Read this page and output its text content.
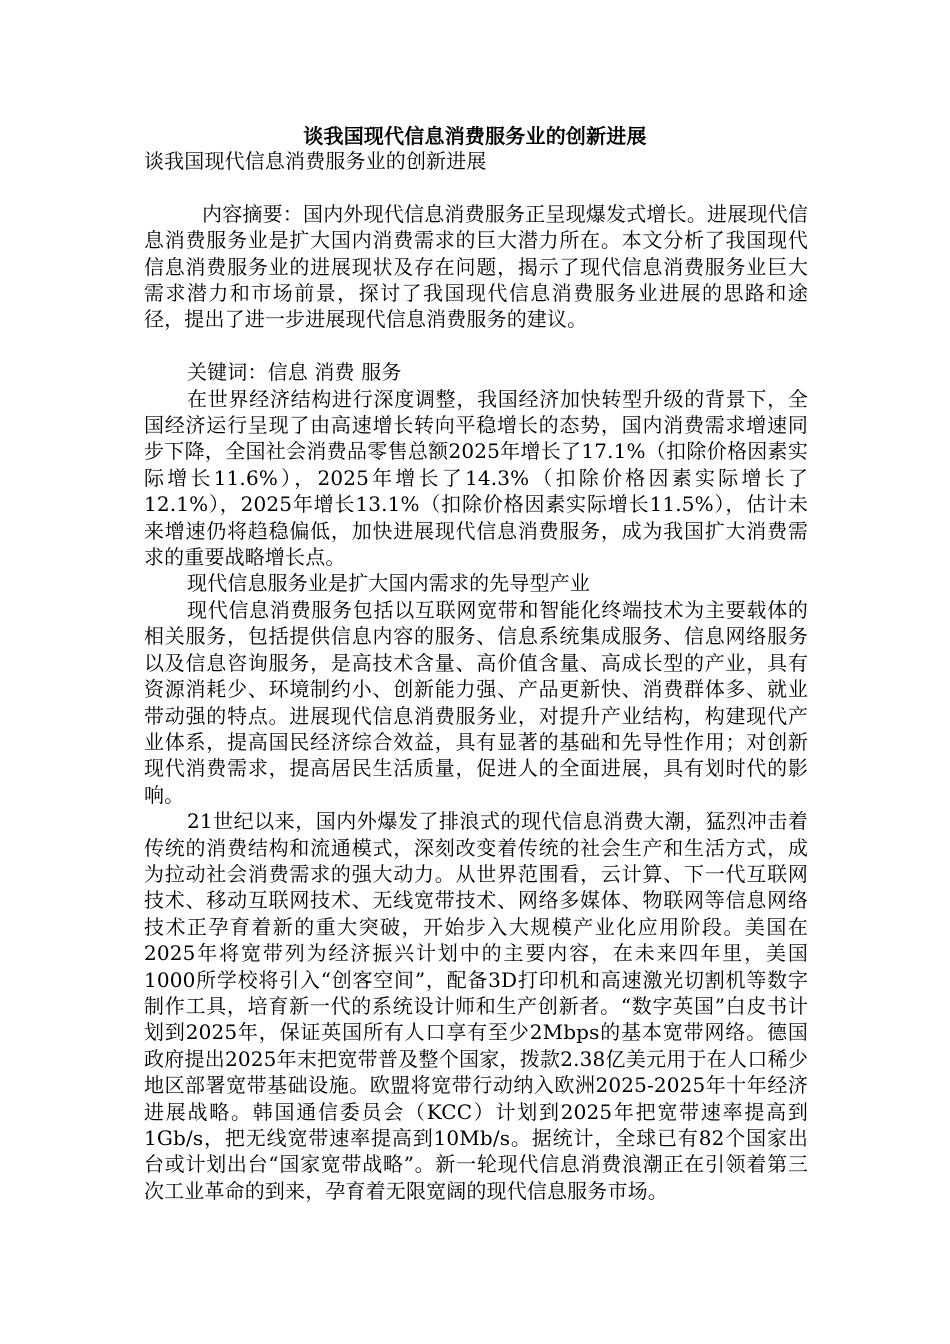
谈我国现代信息消费服务业的创新进展

谈我国现代信息消费服务业的创新进展

内容摘要：国内外现代信息消费服务正呈现爆发式增长。进展现代信息消费服务业是扩大国内消费需求的巨大潜力所在。本文分析了我国现代信息消费服务业的进展现状及存在问题，揭示了现代信息消费服务业巨大需求潜力和市场前景，探讨了我国现代信息消费服务业进展的思路和途径，提出了进一步进展现代信息消费服务的建议。

关键词：信息 消费 服务

在世界经济结构进行深度调整，我国经济加快转型升级的背景下，全国经济运行呈现了由高速增长转向平稳增长的态势，国内消费需求增速同步下降，全国社会消费品零售总额2025年增长了17.1%（扣除价格因素实际增长11.6%），2025年增长了14.3%（扣除价格因素实际增长了12.1%），2025年增长13.1%（扣除价格因素实际增长11.5%），估计未来增速仍将趋稳偏低，加快进展现代信息消费服务，成为我国扩大消费需求的重要战略增长点。

现代信息服务业是扩大国内需求的先导型产业

现代信息消费服务包括以互联网宽带和智能化终端技术为主要载体的相关服务，包括提供信息内容的服务、信息系统集成服务、信息网络服务以及信息咨询服务，是高技术含量、高价值含量、高成长型的产业，具有资源消耗少、环境制约小、创新能力强、产品更新快、消费群体多、就业带动强的特点。进展现代信息消费服务业，对提升产业结构，构建现代产业体系，提高国民经济综合效益，具有显著的基础和先导性作用；对创新现代消费需求，提高居民生活质量，促进人的全面进展，具有划时代的影响。

21世纪以来，国内外爆发了排浪式的现代信息消费大潮，猛烈冲击着传统的消费结构和流通模式，深刻改变着传统的社会生产和生活方式，成为拉动社会消费需求的强大动力。从世界范围看，云计算、下一代互联网技术、移动互联网技术、无线宽带技术、网络多媒体、物联网等信息网络技术正孕育着新的重大突破，开始步入大规模产业化应用阶段。美国在2025年将宽带列为经济振兴计划中的主要内容，在未来四年里，美国1000所学校将引入“创客空间”，配备3D打印机和高速激光切割机等数字制作工具，培育新一代的系统设计师和生产创新者。“数字英国”白皮书计划到2025年，保证英国所有人口享有至少2Mbps的基本宽带网络。德国政府提出2025年末把宽带普及整个国家，拨款2.38亿美元用于在人口稀少地区部署宽带基础设施。欧盟将宽带行动纳入欧洲2025-2025年十年经济进展战略。韩国通信委员会（KCC）计划到2025年把宽带速率提高到1Gb/s，把无线宽带速率提高到10Mb/s。据统计，全球已有82个国家出台或计划出台“国家宽带战略”。新一轮现代信息消费浪潮正在引领着第三次工业革命的到来，孕育着无限宽阔的现代信息服务市场。
